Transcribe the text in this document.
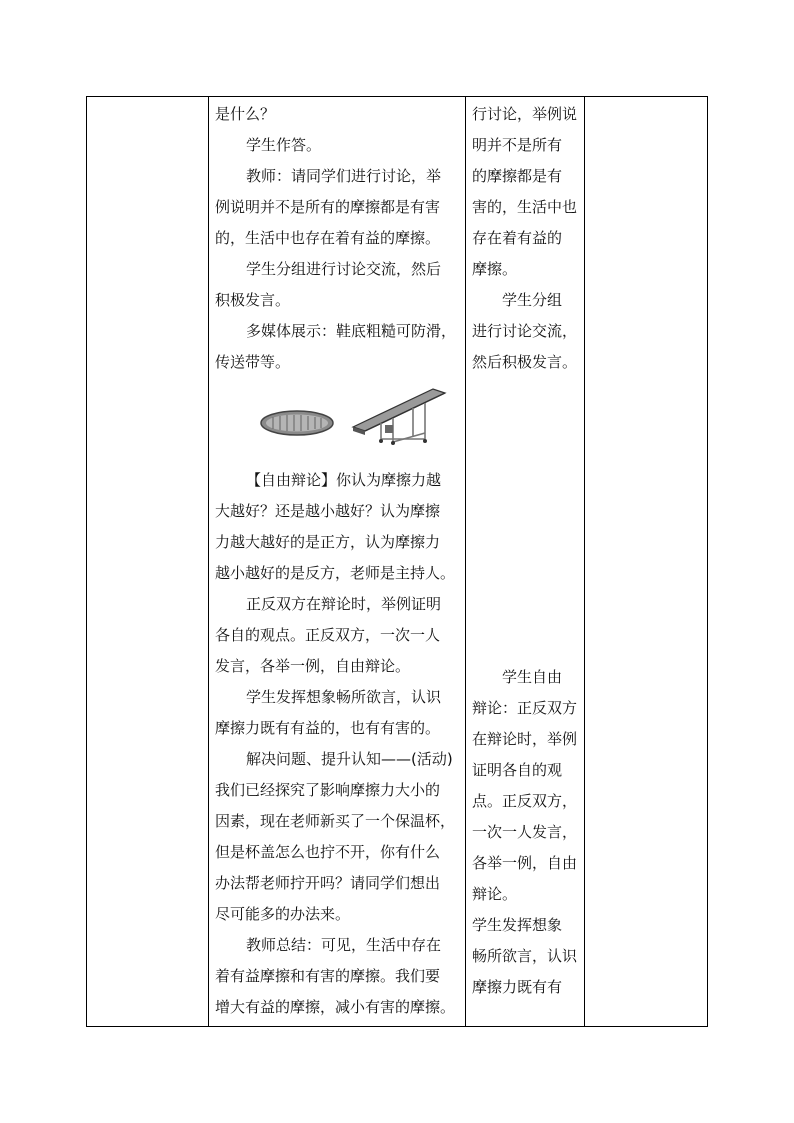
是什么？
学生作答。
教师：请同学们进行讨论，举
例说明并不是所有的摩擦都是有害
的，生活中也存在着有益的摩擦。
学生分组进行讨论交流，然后
积极发言。
多媒体展示：鞋底粗糙可防滑，
传送带等。
【自由辩论】你认为摩擦力越
大越好？还是越小越好？认为摩擦
力越大越好的是正方，认为摩擦力
越小越好的是反方，老师是主持人。
正反双方在辩论时，举例证明
各自的观点。正反双方，一次一人
发言，各举一例，自由辩论。
学生发挥想象畅所欲言，认识
摩擦力既有有益的，也有有害的。
解决问题、提升认知——(活动)
我们已经探究了影响摩擦力大小的
因素，现在老师新买了一个保温杯，
但是杯盖怎么也拧不开，你有什么
办法帮老师拧开吗？请同学们想出
尽可能多的办法来。
教师总结：可见，生活中存在
着有益摩擦和有害的摩擦。我们要
增大有益的摩擦，减小有害的摩擦。
行讨论，举例说
明并不是所有
的摩擦都是有
害的，生活中也
存在着有益的
摩擦。
学生分组
进行讨论交流，
然后积极发言。
学生自由
辩论：正反双方
在辩论时，举例
证明各自的观
点。正反双方，
一次一人发言，
各举一例，自由
辩论。
学生发挥想象
畅所欲言，认识
摩擦力既有有
